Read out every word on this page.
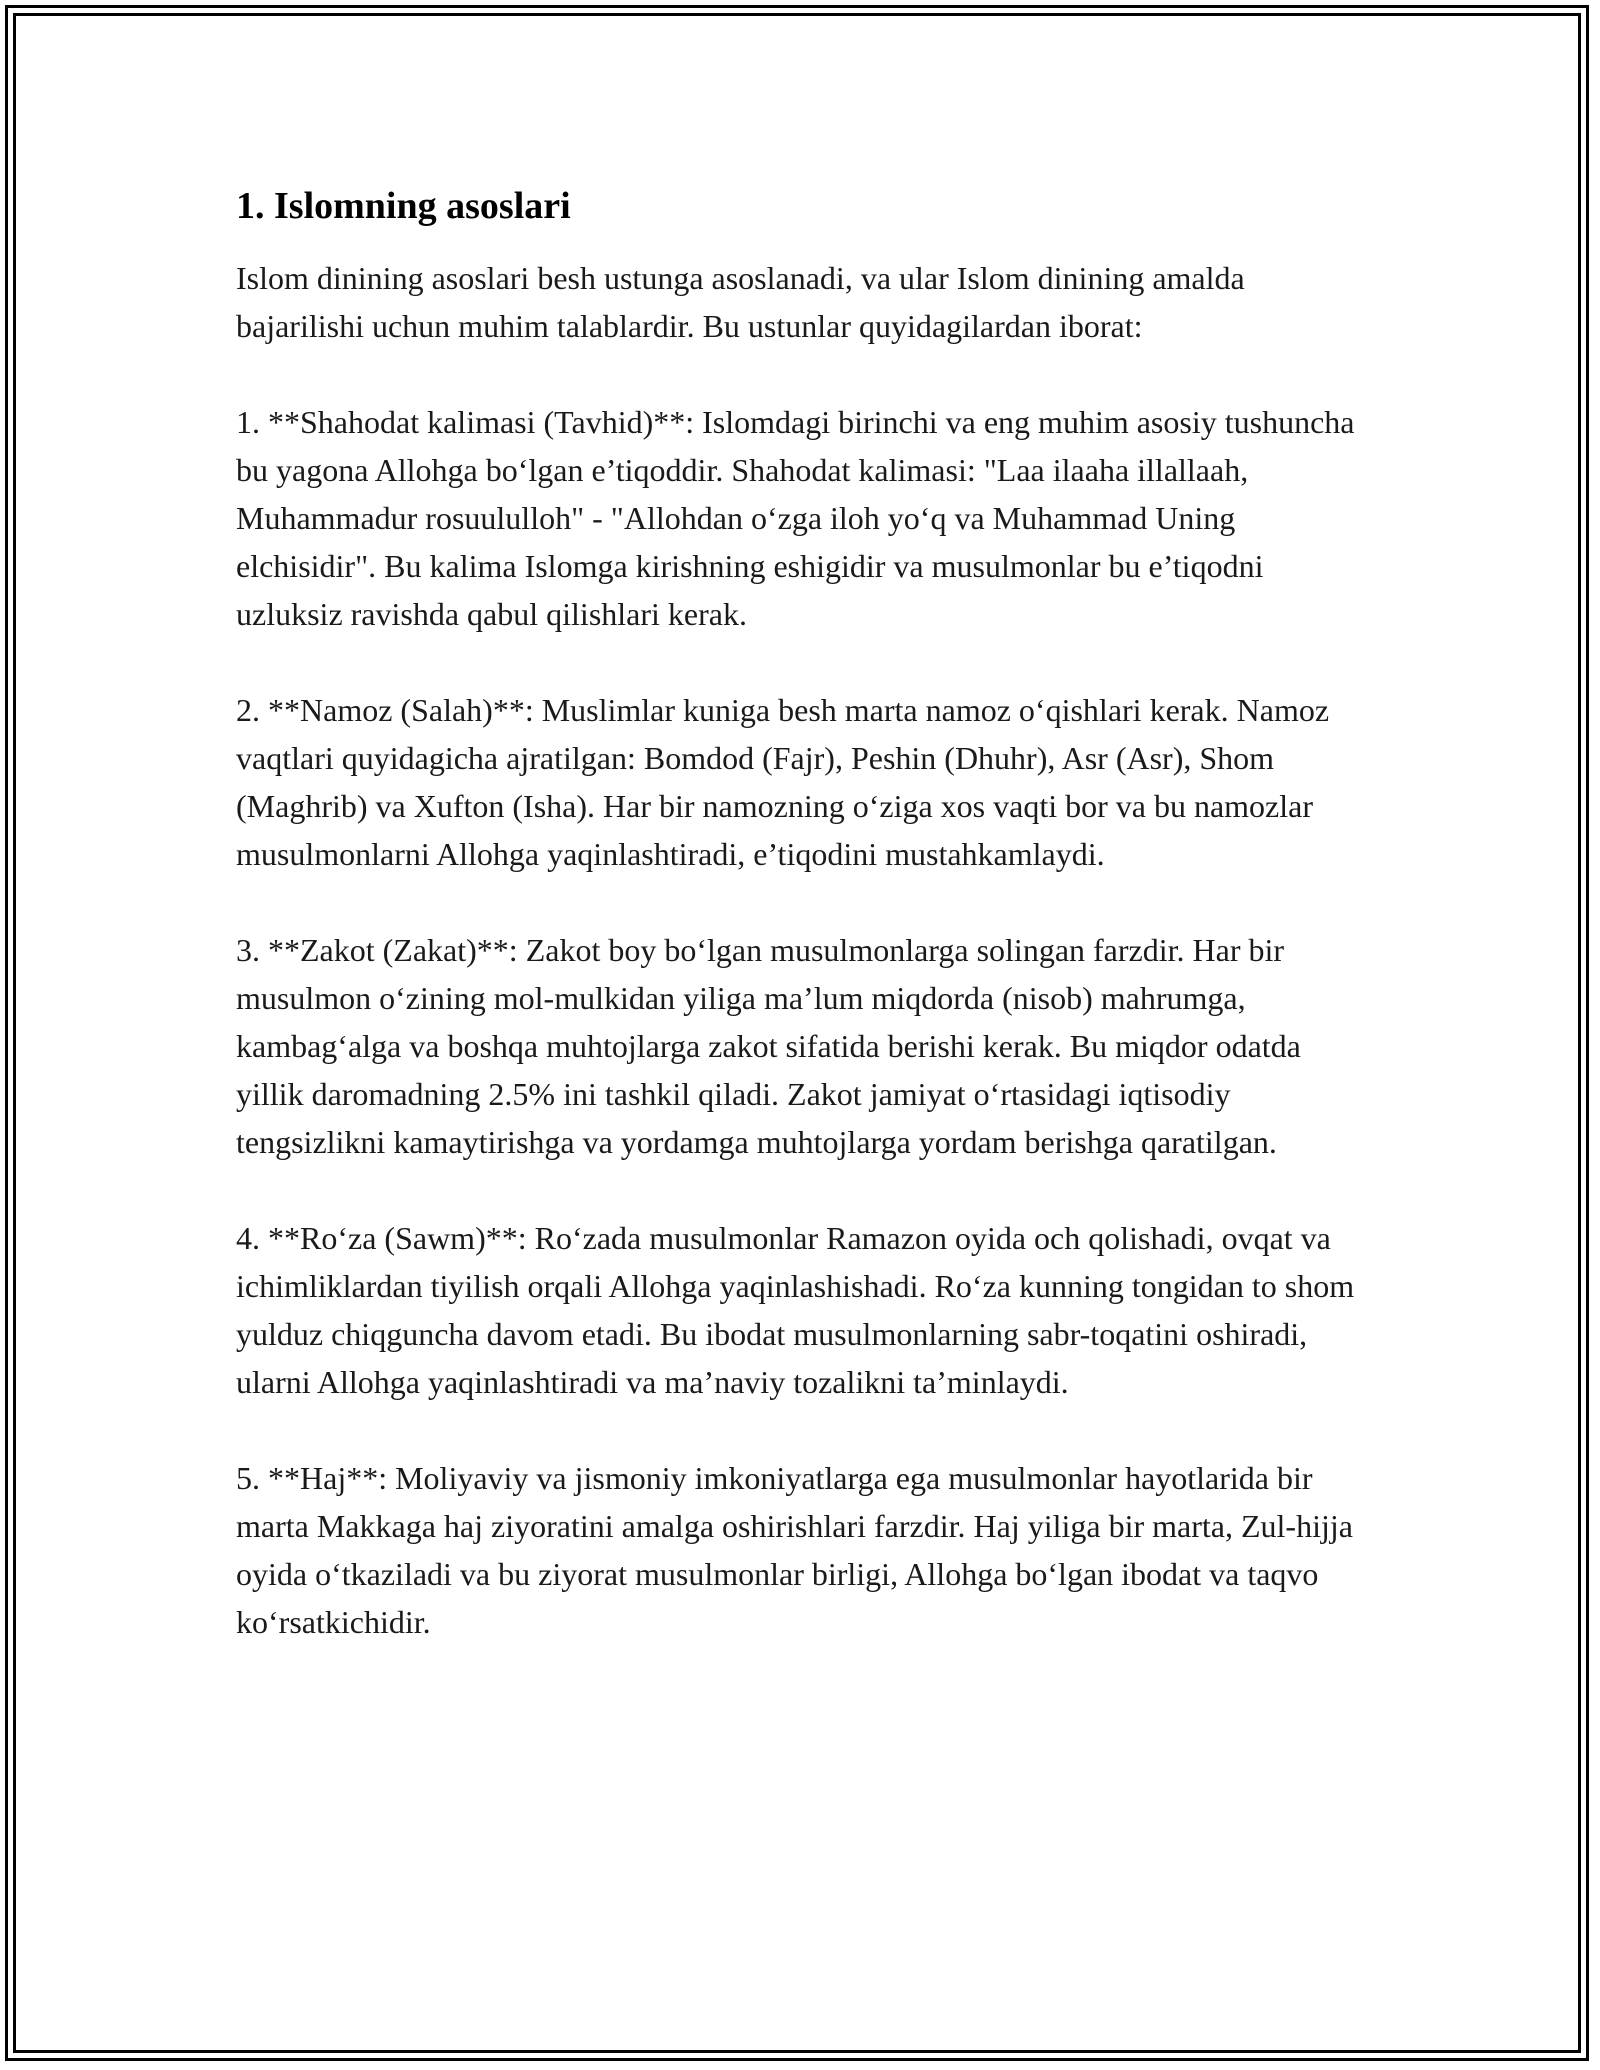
1. Islomning asoslari

Islom dinining asoslari besh ustunga asoslanadi, va ular Islom dinining amalda bajarilishi uchun muhim talablardir. Bu ustunlar quyidagilardan iborat:

1. **Shahodat kalimasi (Tavhid)**: Islomdagi birinchi va eng muhim asosiy tushuncha bu yagona Allohga bo‘lgan e’tiqoddir. Shahodat kalimasi: "Laa ilaaha illallaah, Muhammadur rosuululloh" - "Allohdan o‘zga iloh yo‘q va Muhammad Uning elchisidir". Bu kalima Islomga kirishning eshigidir va musulmonlar bu e’tiqodni uzluksiz ravishda qabul qilishlari kerak.

2. **Namoz (Salah)**: Muslimlar kuniga besh marta namoz o‘qishlari kerak. Namoz vaqtlari quyidagicha ajratilgan: Bomdod (Fajr), Peshin (Dhuhr), Asr (Asr), Shom (Maghrib) va Xufton (Isha). Har bir namozning o‘ziga xos vaqti bor va bu namozlar musulmonlarni Allohga yaqinlashtiradi, e’tiqodini mustahkamlaydi.

3. **Zakot (Zakat)**: Zakot boy bo‘lgan musulmonlarga solingan farzdir. Har bir musulmon o‘zining mol-mulkidan yiliga ma’lum miqdorda (nisob) mahrumga, kambag‘alga va boshqa muhtojlarga zakot sifatida berishi kerak. Bu miqdor odatda yillik daromadning 2.5% ini tashkil qiladi. Zakot jamiyat o‘rtasidagi iqtisodiy tengsizlikni kamaytirishga va yordamga muhtojlarga yordam berishga qaratilgan.

4. **Ro‘za (Sawm)**: Ro‘zada musulmonlar Ramazon oyida och qolishadi, ovqat va ichimliklardan tiyilish orqali Allohga yaqinlashishadi. Ro‘za kunning tongidan to shom yulduz chiqguncha davom etadi. Bu ibodat musulmonlarning sabr-toqatini oshiradi, ularni Allohga yaqinlashtiradi va ma’naviy tozalikni ta’minlaydi.

5. **Haj**: Moliyaviy va jismoniy imkoniyatlarga ega musulmonlar hayotlarida bir marta Makkaga haj ziyoratini amalga oshirishlari farzdir. Haj yiliga bir marta, Zul-hijja oyida o‘tkaziladi va bu ziyorat musulmonlar birligi, Allohga bo‘lgan ibodat va taqvo ko‘rsatkichidir.
